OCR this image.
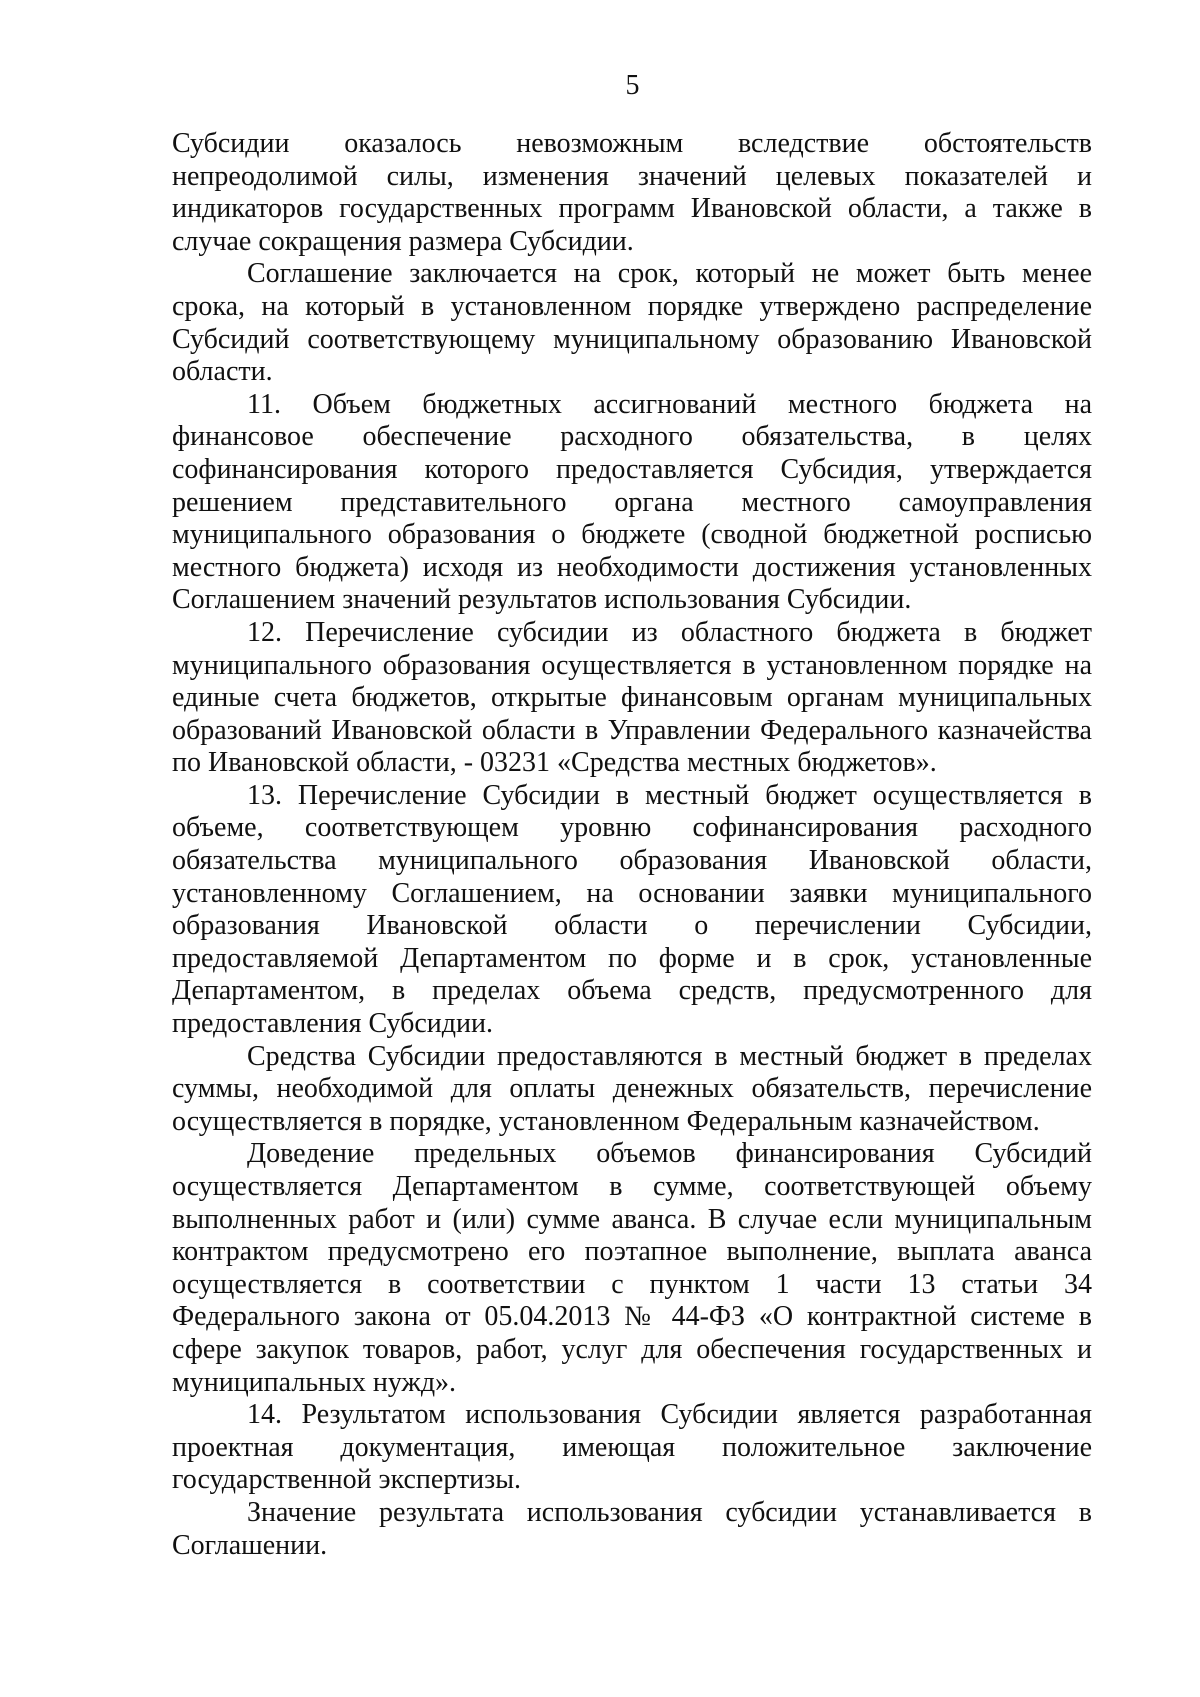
5

Субсидии оказалось невозможным вследствие обстоятельств непреодолимой силы, изменения значений целевых показателей и индикаторов государственных программ Ивановской области, а также в случае сокращения размера Субсидии.

Соглашение заключается на срок, который не может быть менее срока, на который в установленном порядке утверждено распределение Субсидий соответствующему муниципальному образованию Ивановской области.

11. Объем бюджетных ассигнований местного бюджета на финансовое обеспечение расходного обязательства, в целях софинансирования которого предоставляется Субсидия, утверждается решением представительного органа местного самоуправления муниципального образования о бюджете (сводной бюджетной росписью местного бюджета) исходя из необходимости достижения установленных Соглашением значений результатов использования Субсидии.

12. Перечисление субсидии из областного бюджета в бюджет муниципального образования осуществляется в установленном порядке на единые счета бюджетов, открытые финансовым органам муниципальных образований Ивановской области в Управлении Федерального казначейства по Ивановской области, - 03231 «Средства местных бюджетов».

13. Перечисление Субсидии в местный бюджет осуществляется в объеме, соответствующем уровню софинансирования расходного обязательства муниципального образования Ивановской области, установленному Соглашением, на основании заявки муниципального образования Ивановской области о перечислении Субсидии, предоставляемой Департаментом по форме и в срок, установленные Департаментом, в пределах объема средств, предусмотренного для предоставления Субсидии.

Средства Субсидии предоставляются в местный бюджет в пределах суммы, необходимой для оплаты денежных обязательств, перечисление осуществляется в порядке, установленном Федеральным казначейством.

Доведение предельных объемов финансирования Субсидий осуществляется Департаментом в сумме, соответствующей объему выполненных работ и (или) сумме аванса. В случае если муниципальным контрактом предусмотрено его поэтапное выполнение, выплата аванса осуществляется в соответствии с пунктом 1 части 13 статьи 34 Федерального закона от 05.04.2013 № 44-ФЗ «О контрактной системе в сфере закупок товаров, работ, услуг для обеспечения государственных и муниципальных нужд».

14. Результатом использования Субсидии является разработанная проектная документация, имеющая положительное заключение государственной экспертизы.

Значение результата использования субсидии устанавливается в Соглашении.
